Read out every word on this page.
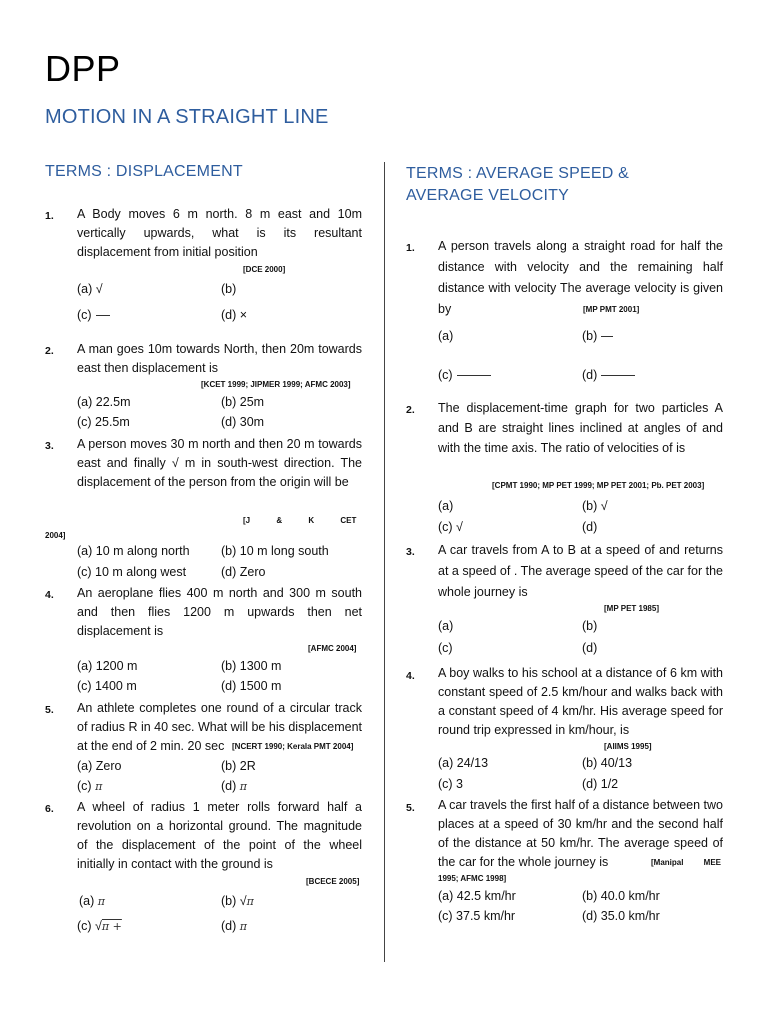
DPP
MOTION IN A STRAIGHT LINE
TERMS : DISPLACEMENT	TERMS : AVERAGE SPEED &
AVERAGE VELOCITY
1. A Body moves 6 m north. 8 m east and 10m vertically upwards, what is its resultant displacement from initial position
[DCE 2000]
(a) √	(b)
(c)	(d) ×
2. A man goes 10m towards North, then 20m towards east then displacement is
[KCET 1999; JIPMER 1999; AFMC 2003]
(a) 22.5m	(b) 25m
(c) 25.5m	(d) 30m
3. A person moves 30 m north and then 20 m towards east and finally √ m in south-west direction. The displacement of the person from the origin will be
[J & K CET
2004]
(a) 10 m along north	(b) 10 m long south
(c) 10 m along west	(d) Zero
4. An aeroplane flies 400 m north and 300 m south and then flies 1200 m upwards then net displacement is
[AFMC 2004]
(a) 1200 m	(b) 1300 m
(c) 1400 m	(d) 1500 m
5. An athlete completes one round of a circular track of radius R in 40 sec. What will be his displacement at the end of 2 min. 20 sec [NCERT 1990; Kerala PMT 2004]
(a) Zero	(b) 2R
(c) π	(d) π
6. A wheel of radius 1 meter rolls forward half a revolution on a horizontal ground. The magnitude of the displacement of the point of the wheel initially in contact with the ground is
[BCECE 2005]
(a) π	(b) √π
(c) √π +	(d) π
1. A person travels along a straight road for half the distance with velocity and the remaining half distance with velocity The average velocity is given by	[MP PMT 2001]
(a)	(b)
(c)	(d)
2. The displacement-time graph for two particles A and B are straight lines inclined at angles of and with the time axis. The ratio of velocities of is
[CPMT 1990; MP PET 1999; MP PET 2001; Pb. PET 2003]
(a)	(b) √
(c) √	(d)
3. A car travels from A to B at a speed of and returns at a speed of . The average speed of the car for the whole journey is
[MP PET 1985]
(a)	(b)
(c)	(d)
4. A boy walks to his school at a distance of 6 km with constant speed of 2.5 km/hour and walks back with a constant speed of 4 km/hr. His average speed for round trip expressed in km/hour, is
[AIIMS 1995]
(a) 24/13	(b) 40/13
(c) 3	(d) 1/2
5. A car travels the first half of a distance between two places at a speed of 30 km/hr and the second half of the distance at 50 km/hr. The average speed of the car for the whole journey is	[Manipal MEE
1995; AFMC 1998]
(a) 42.5 km/hr	(b) 40.0 km/hr
(c) 37.5 km/hr	(d) 35.0 km/hr
